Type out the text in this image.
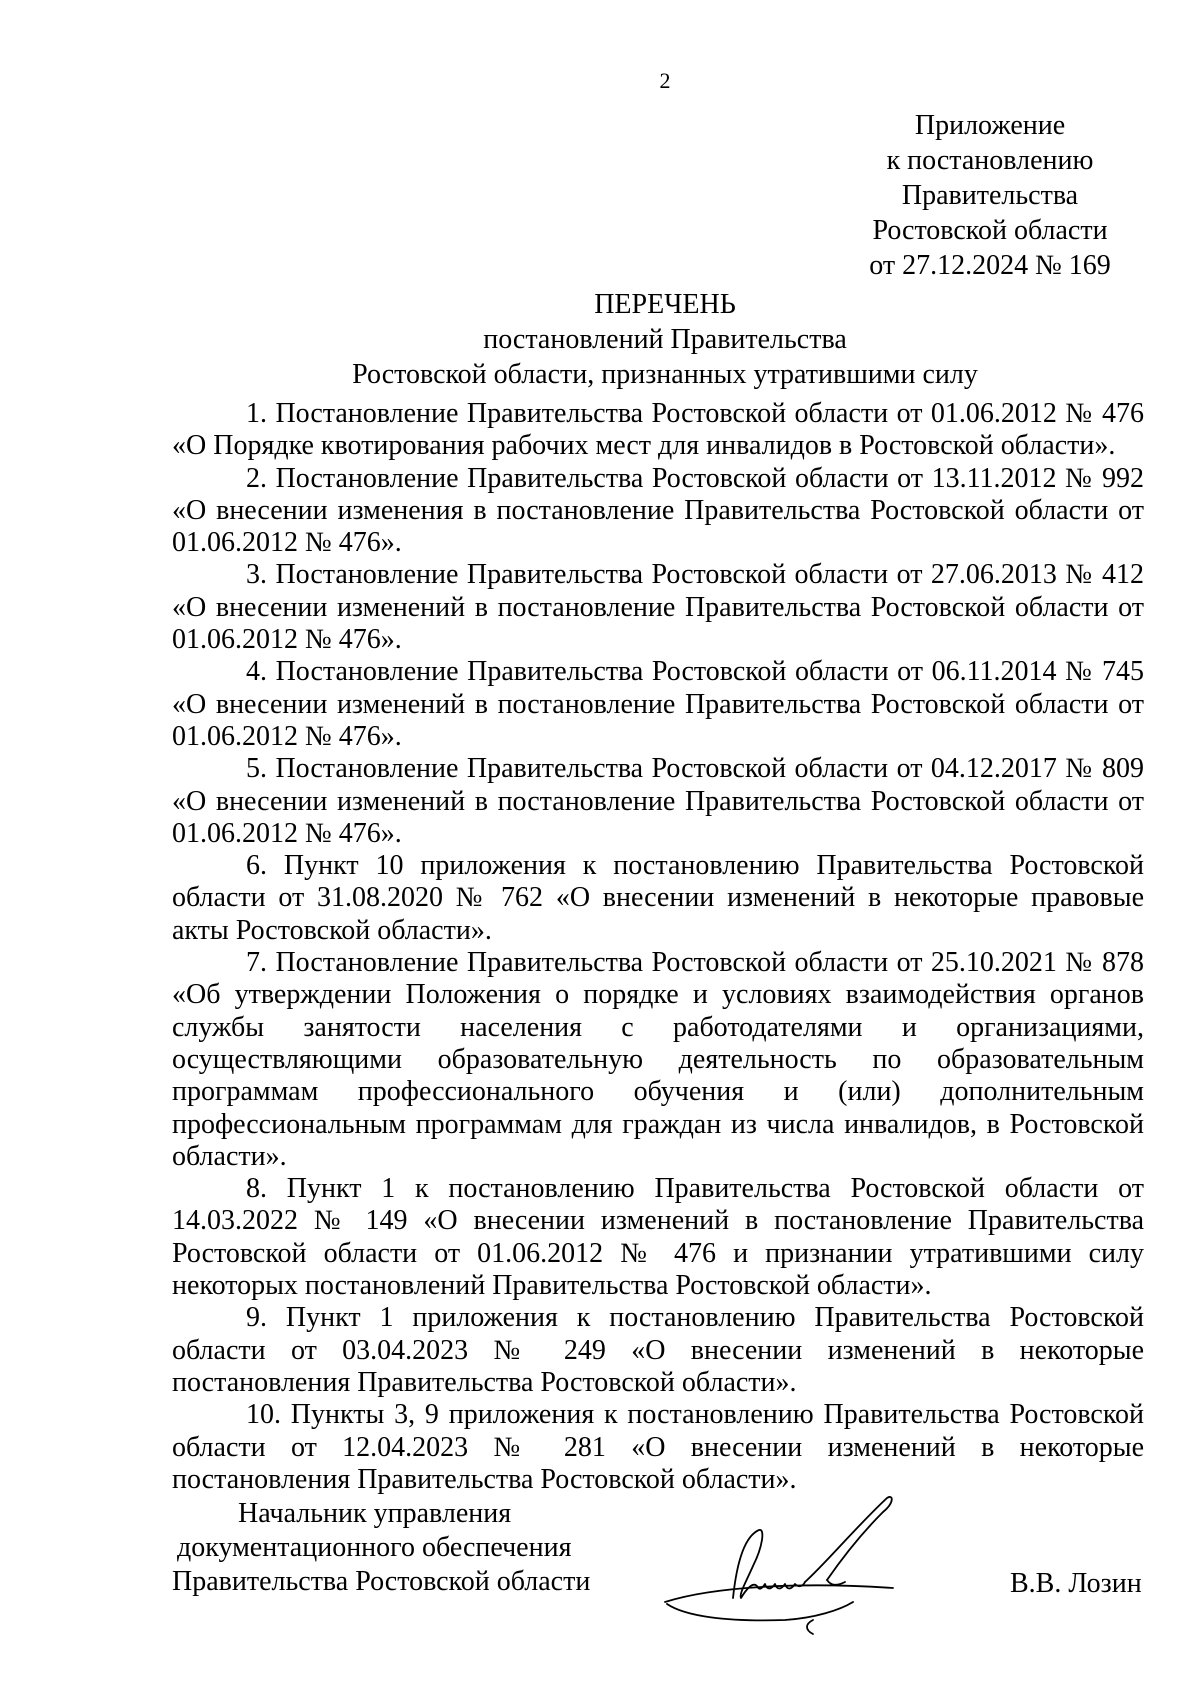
2
Приложение
к постановлению
Правительства
Ростовской области
от 27.12.2024 № 169
ПЕРЕЧЕНЬ
постановлений Правительства
Ростовской области, признанных утратившими силу

1. Постановление Правительства Ростовской области от 01.06.2012 № 476 «О Порядке квотирования рабочих мест для инвалидов в Ростовской области».

2. Постановление Правительства Ростовской области от 13.11.2012 № 992 «О внесении изменения в постановление Правительства Ростовской области от 01.06.2012 № 476».

3. Постановление Правительства Ростовской области от 27.06.2013 № 412 «О внесении изменений в постановление Правительства Ростовской области от 01.06.2012 № 476».

4. Постановление Правительства Ростовской области от 06.11.2014 № 745 «О внесении изменений в постановление Правительства Ростовской области от 01.06.2012 № 476».

5. Постановление Правительства Ростовской области от 04.12.2017 № 809 «О внесении изменений в постановление Правительства Ростовской области от 01.06.2012 № 476».

6. Пункт 10 приложения к постановлению Правительства Ростовской области от 31.08.2020 № 762 «О внесении изменений в некоторые правовые акты Ростовской области».

7. Постановление Правительства Ростовской области от 25.10.2021 № 878 «Об утверждении Положения о порядке и условиях взаимодействия органов службы занятости населения с работодателями и организациями, осуществляющими образовательную деятельность по образовательным программам профессионального обучения и (или) дополнительным профессиональным программам для граждан из числа инвалидов, в Ростовской области».

8. Пункт 1 к постановлению Правительства Ростовской области от 14.03.2022 № 149 «О внесении изменений в постановление Правительства Ростовской области от 01.06.2012 № 476 и признании утратившими силу некоторых постановлений Правительства Ростовской области».

9. Пункт 1 приложения к постановлению Правительства Ростовской области от 03.04.2023 № 249 «О внесении изменений в некоторые постановления Правительства Ростовской области».

10. Пункты 3, 9 приложения к постановлению Правительства Ростовской области от 12.04.2023 № 281 «О внесении изменений в некоторые постановления Правительства Ростовской области».

Начальник управления
документационного обеспечения
Правительства Ростовской области	В.В. Лозин
